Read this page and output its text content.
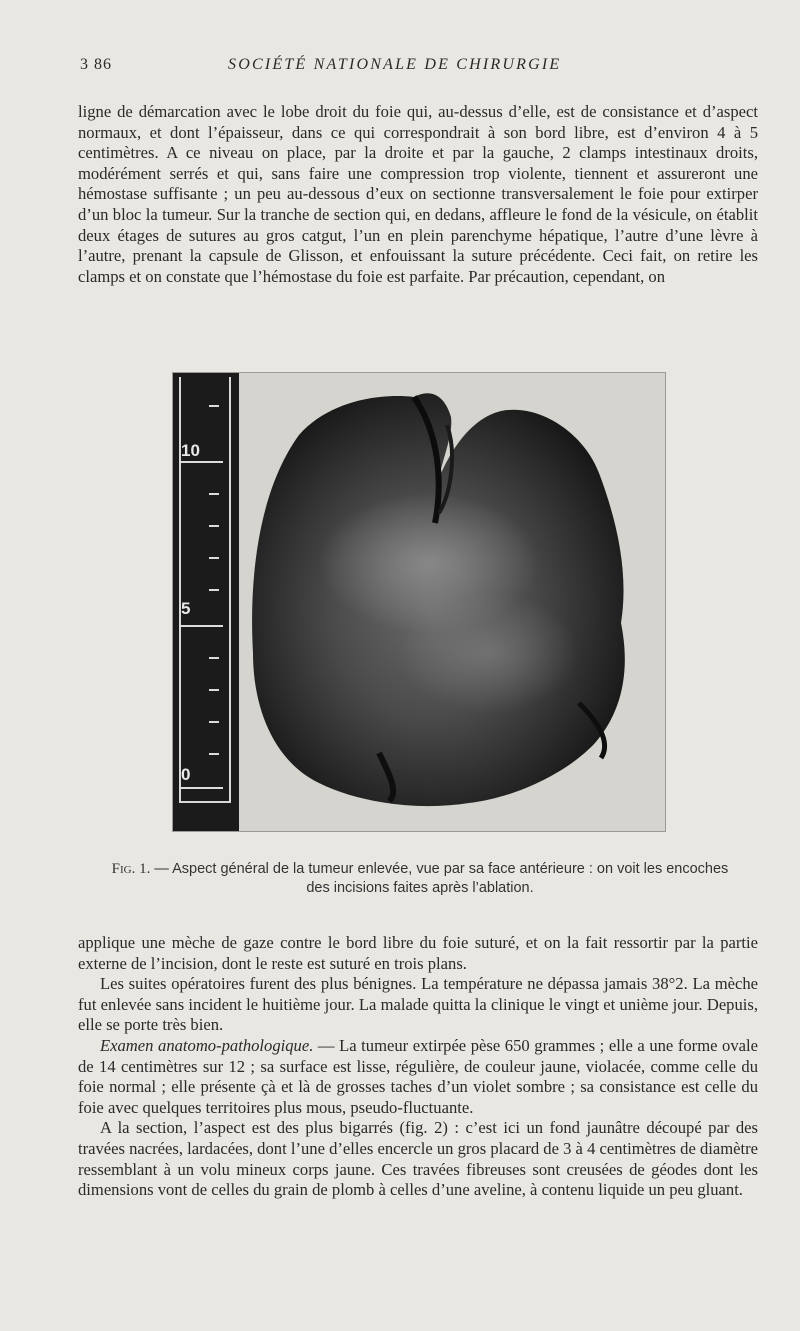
3 86	SOCIÉTÉ NATIONALE DE CHIRURGIE

ligne de démarcation avec le lobe droit du foie qui, au-dessus d’elle, est de consistance et d’aspect normaux, et dont l’épaisseur, dans ce qui correspondrait à son bord libre, est d’environ 4 à 5 centimètres. A ce niveau on place, par la droite et par la gauche, 2 clamps intestinaux droits, modérément serrés et qui, sans faire une compression trop violente, tiennent et assureront une hémostase suffisante ; un peu au-dessous d’eux on sectionne transversalement le foie pour extirper d’un bloc la tumeur. Sur la tranche de section qui, en dedans, affleure le fond de la vésicule, on établit deux étages de sutures au gros catgut, l’un en plein parenchyme hépatique, l’autre d’une lèvre à l’autre, prenant la capsule de Glisson, et enfouissant la suture précédente. Ceci fait, on retire les clamps et on constate que l’hémostase du foie est parfaite. Par précaution, cependant, on

10
5
0
Fig. 1. — Aspect général de la tumeur enlevée, vue par sa face antérieure : on voit les encoches des incisions faites après l’ablation.

applique une mèche de gaze contre le bord libre du foie suturé, et on la fait ressortir par la partie externe de l’incision, dont le reste est suturé en trois plans.

Les suites opératoires furent des plus bénignes. La température ne dépassa jamais 38°2. La mèche fut enlevée sans incident le huitième jour. La malade quitta la clinique le vingt et unième jour. Depuis, elle se porte très bien.

Examen anatomo-pathologique. — La tumeur extirpée pèse 650 grammes ; elle a une forme ovale de 14 centimètres sur 12 ; sa surface est lisse, régulière, de couleur jaune, violacée, comme celle du foie normal ; elle présente çà et là de grosses taches d’un violet sombre ; sa consistance est celle du foie avec quelques territoires plus mous, pseudo-fluctuante.

A la section, l’aspect est des plus bigarrés (fig. 2) : c’est ici un fond jaunâtre découpé par des travées nacrées, lardacées, dont l’une d’elles encercle un gros placard de 3 à 4 centimètres de diamètre ressemblant à un volu mineux corps jaune. Ces travées fibreuses sont creusées de géodes dont les dimensions vont de celles du grain de plomb à celles d’une aveline, à contenu liquide un peu gluant.
